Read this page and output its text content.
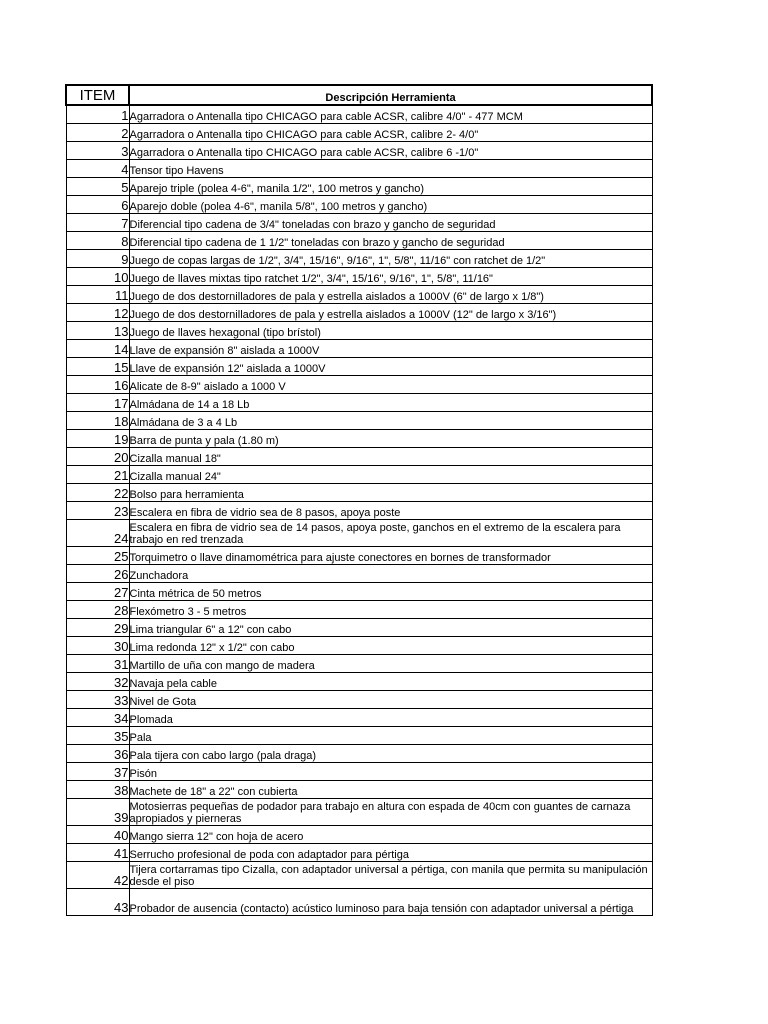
ITEM	Descripción Herramienta
1	Agarradora o Antenalla tipo CHICAGO para cable ACSR, calibre 4/0" - 477 MCM
2	Agarradora o Antenalla tipo CHICAGO para cable ACSR, calibre 2- 4/0"
3	Agarradora o Antenalla tipo CHICAGO para cable ACSR, calibre 6 -1/0"
4	Tensor tipo Havens
5	Aparejo triple (polea 4-6", manila 1/2", 100 metros y gancho)
6	Aparejo doble (polea 4-6", manila 5/8", 100 metros y gancho)
7	Diferencial tipo cadena de 3/4" toneladas con brazo y gancho de seguridad
8	Diferencial tipo cadena de 1 1/2" toneladas con brazo y gancho de seguridad
9	Juego de copas largas de 1/2", 3/4", 15/16", 9/16", 1", 5/8", 11/16" con ratchet de 1/2"
10	Juego de llaves mixtas tipo ratchet 1/2", 3/4", 15/16", 9/16", 1", 5/8", 11/16"
11	Juego de dos destornilladores de pala y estrella aislados a 1000V (6" de largo x 1/8")
12	Juego de dos destornilladores de pala y estrella aislados a 1000V (12" de largo x 3/16")
13	Juego de llaves hexagonal (tipo brístol)
14	Llave de expansión 8" aislada a 1000V
15	Llave de expansión 12" aislada a 1000V
16	Alicate de 8-9" aislado a 1000 V
17	Almádana de 14 a 18 Lb
18	Almádana de 3 a 4 Lb
19	Barra de punta y pala (1.80 m)
20	Cizalla manual 18"
21	Cizalla manual 24"
22	Bolso para herramienta
23	Escalera en fibra de vidrio sea de 8 pasos, apoya poste
24	Escalera en fibra de vidrio sea de 14 pasos, apoya poste, ganchos en el extremo de la escalera para trabajo en red trenzada
25	Torquimetro o llave dinamométrica para ajuste conectores en bornes de transformador
26	Zunchadora
27	Cinta métrica de 50 metros
28	Flexómetro 3 - 5 metros
29	Lima triangular 6" a 12" con cabo
30	Lima redonda 12" x 1/2" con cabo
31	Martillo de uña con mango de madera
32	Navaja pela cable
33	Nivel de Gota
34	Plomada
35	Pala
36	Pala tijera con cabo largo (pala draga)
37	Pisón
38	Machete de 18" a 22" con cubierta
39	Motosierras pequeñas de podador para trabajo en altura con espada de 40cm con guantes de carnaza apropiados y pierneras
40	Mango sierra 12" con hoja de acero
41	Serrucho profesional de poda con adaptador para pértiga
42	Tijera cortarramas tipo Cizalla, con adaptador universal a pértiga, con manila que permita su manipulación desde el piso
43	Probador de ausencia (contacto) acústico luminoso para baja tensión con adaptador universal a pértiga
